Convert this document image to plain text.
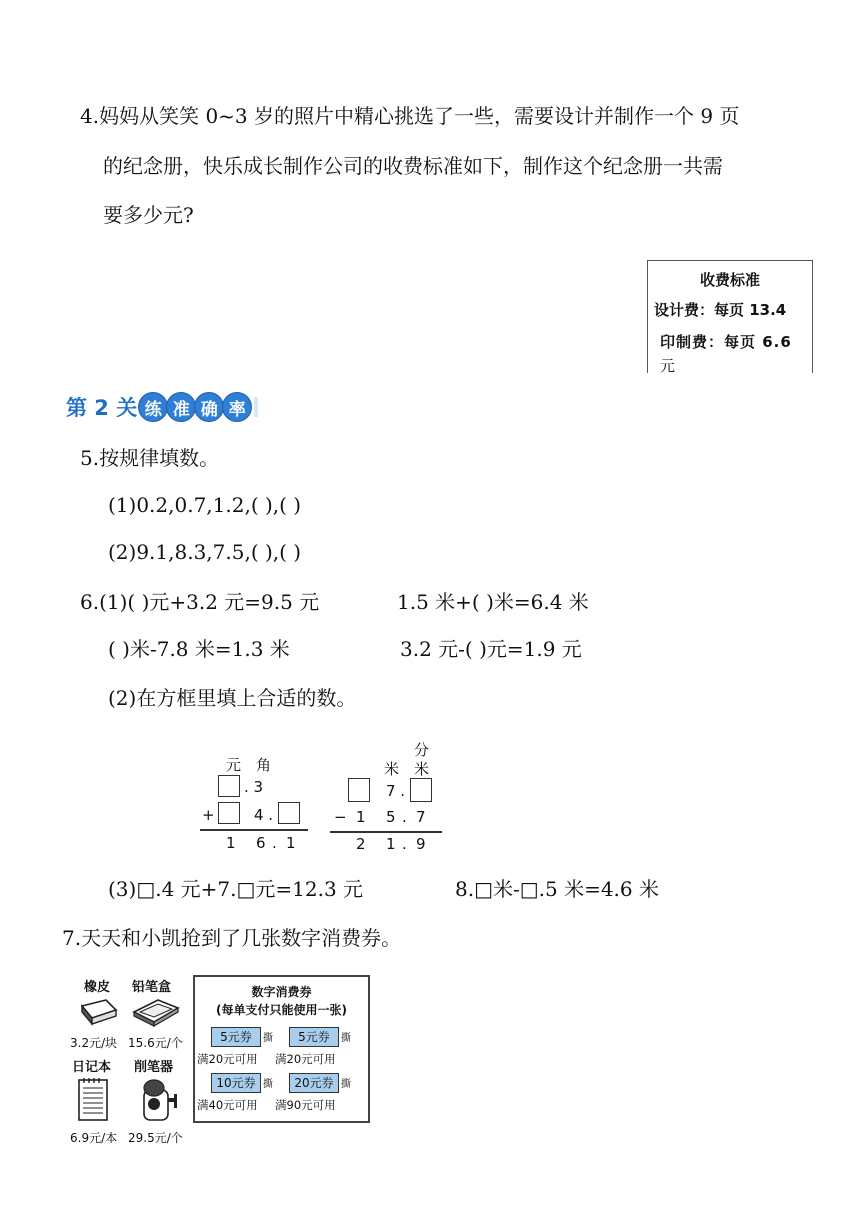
4.妈妈从笑笑 0~3 岁的照片中精心挑选了一些，需要设计并制作一个 9 页
的纪念册，快乐成长制作公司的收费标准如下，制作这个纪念册一共需
要多少元?
收费标准
设计费：每页 13.4
印制费：每页 6.6
元
第 2 关 练 准 确 率
5.按规律填数。
(1)0.2,0.7,1.2,( ),( )
(2)9.1,8.3,7.5,( ),( )
6.(1)( )元+3.2 元=9.5 元	1.5 米+( )米=6.4 米
( )米-7.8 米=1.3 米	3.2 元-( )元=1.9 元
(2)在方框里填上合适的数。
元 角
. 3
+	4 .
1 6 . 1
分
米 米
7 .
− 1 5 . 7
2 1 . 9
(3)□.4 元+7.□元=12.3 元	8.□米-□.5 米=4.6 米
7.天天和小凯抢到了几张数字消费券。
橡皮
3.2元/块
铅笔盒
15.6元/个
日记本
6.9元/本
削笔器
29.5元/个
数字消费券
(每单支付只能使用一张)
5元券	撕
满20元可用
5元券	撕
满20元可用
10元券 撕
满40元可用
20元券 撕
满90元可用
